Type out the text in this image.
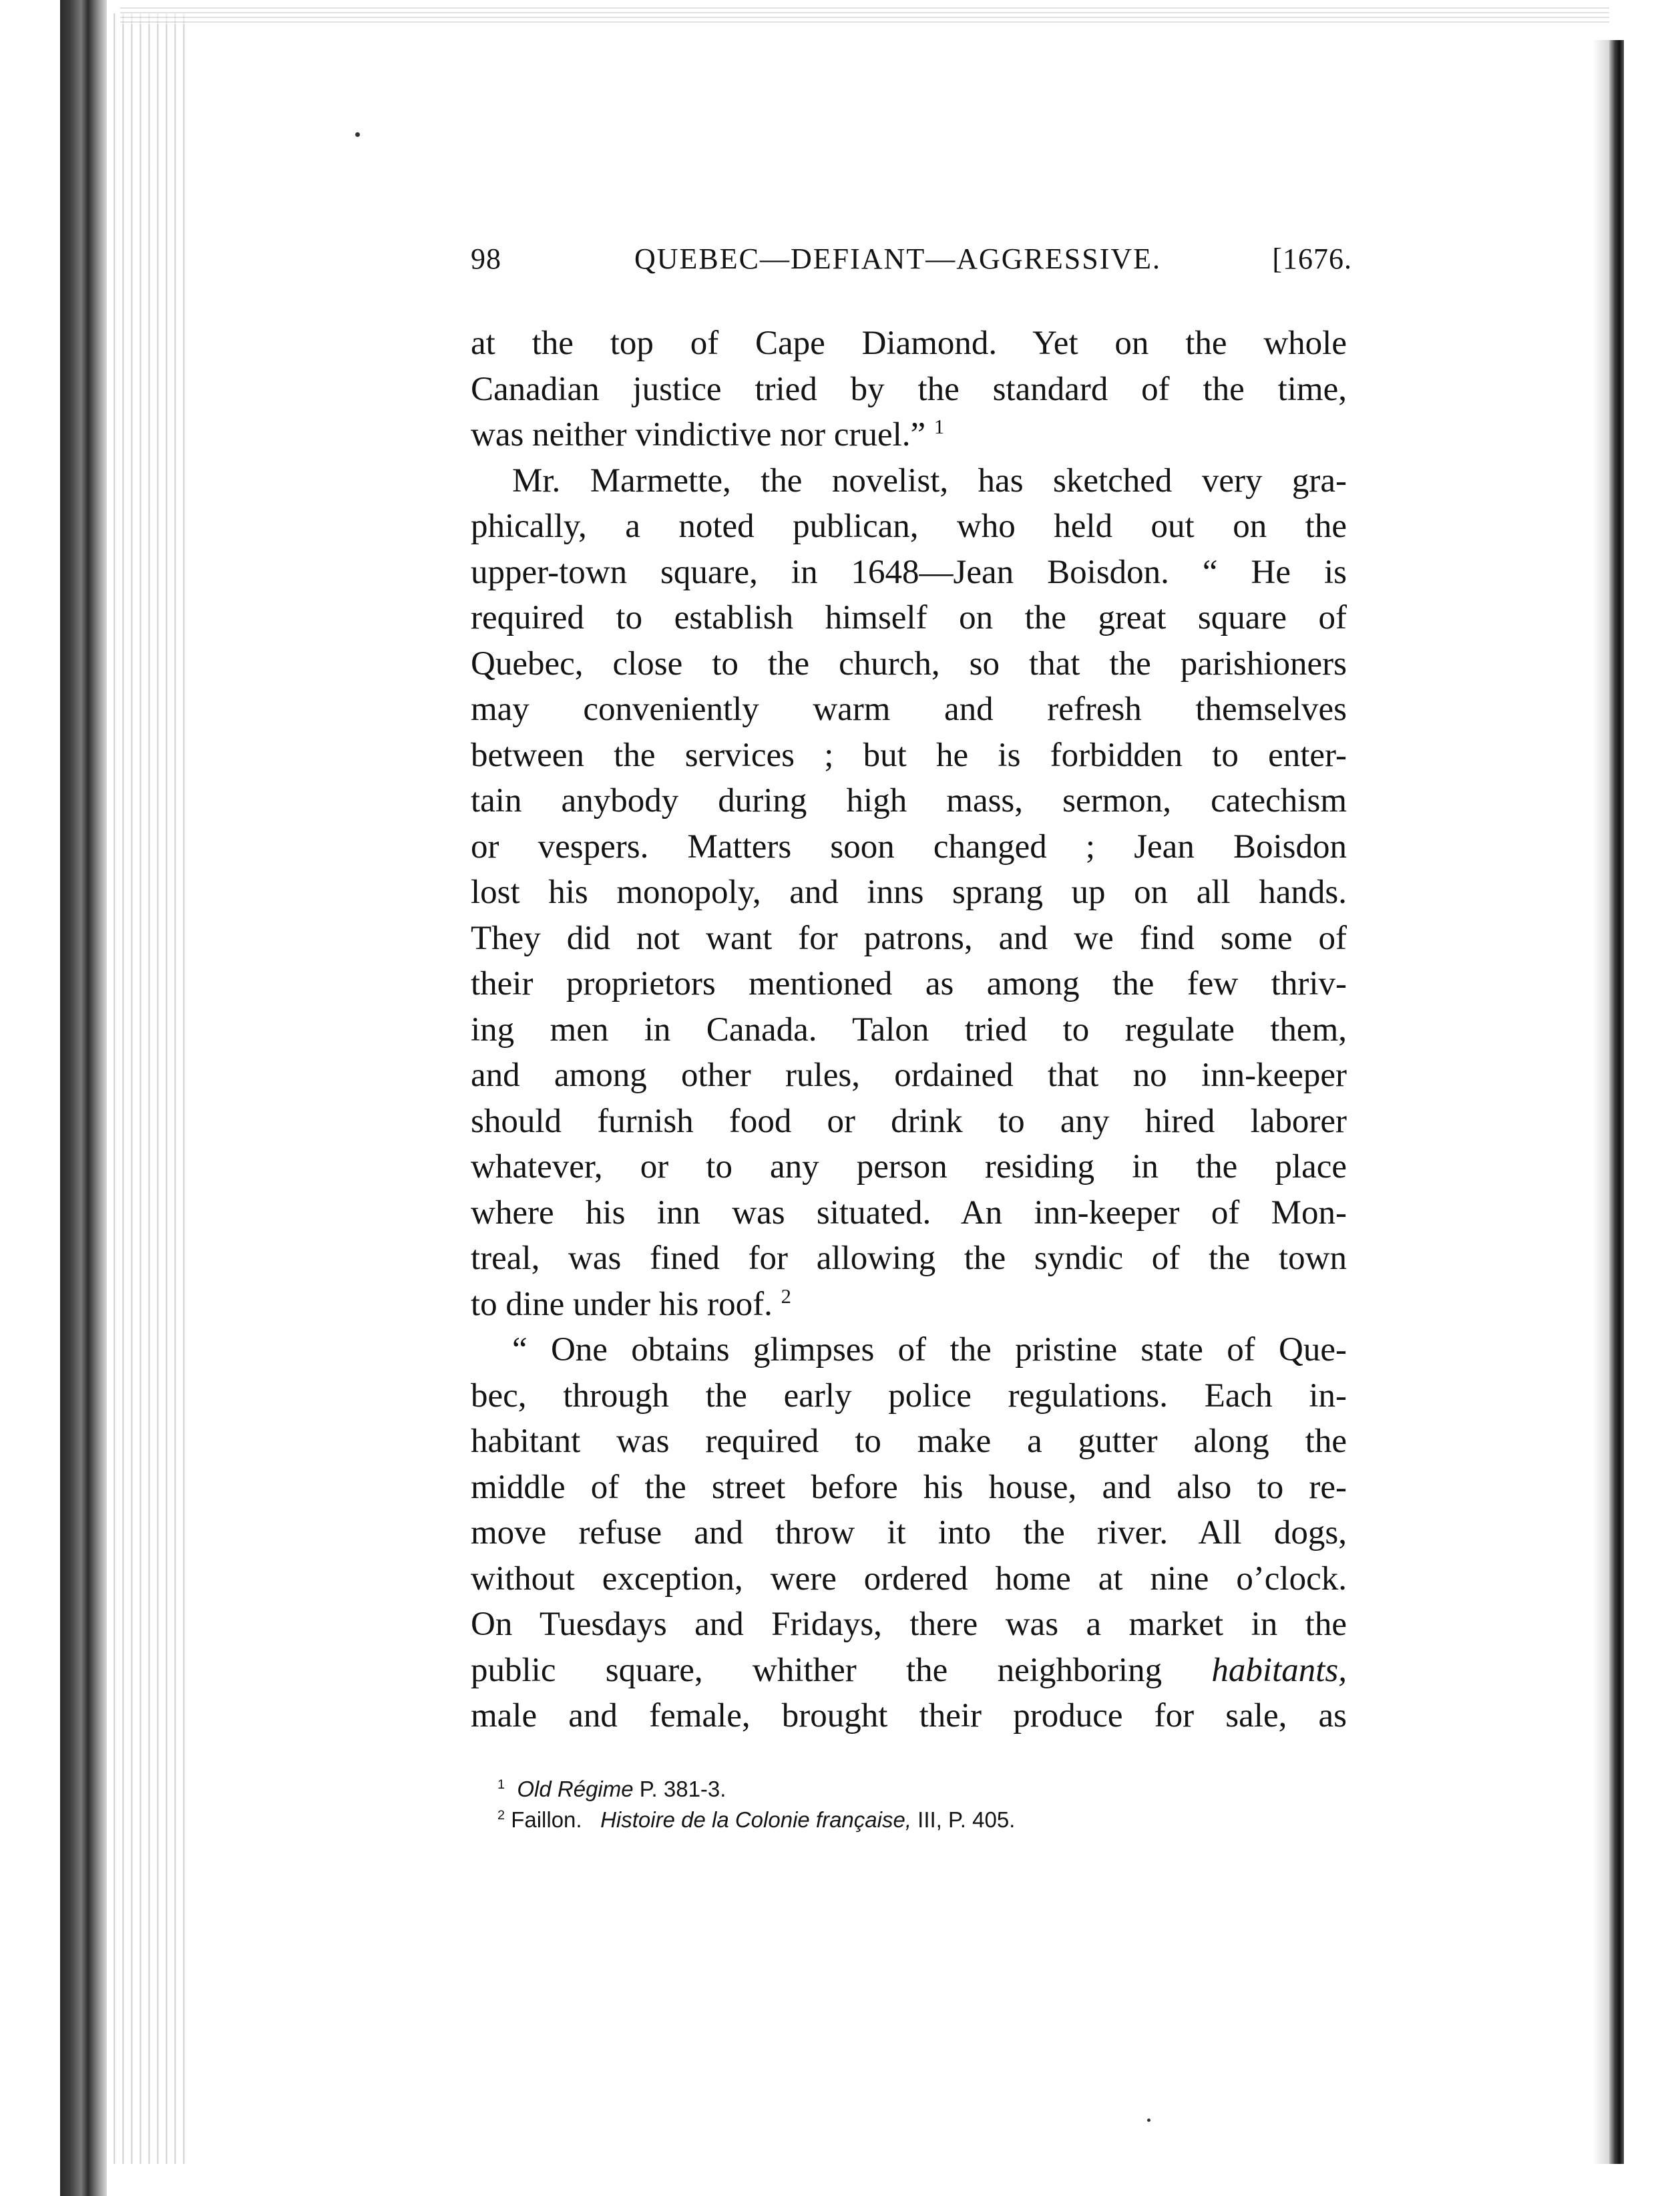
98	QUEBEC—DEFIANT—AGGRESSIVE.	[1676.
at the top of Cape Diamond. Yet on the whole
Canadian justice tried by the standard of the time,
was neither vindictive nor cruel.” $^1$
Mr. Marmette, the novelist, has sketched very gra-
phically, a noted publican, who held out on the
upper-town square, in 1648—Jean Boisdon. “ He is
required to establish himself on the great square of
Quebec, close to the church, so that the parishioners
may conveniently warm and refresh themselves
between the services ; but he is forbidden to enter-
tain anybody during high mass, sermon, catechism
or vespers. Matters soon changed ; Jean Boisdon
lost his monopoly, and inns sprang up on all hands.
They did not want for patrons, and we find some of
their proprietors mentioned as among the few thriv-
ing men in Canada. Talon tried to regulate them,
and among other rules, ordained that no inn-keeper
should furnish food or drink to any hired laborer
whatever, or to any person residing in the place
where his inn was situated. An inn-keeper of Mon-
treal, was fined for allowing the syndic of the town
to dine under his roof. $^2$
“ One obtains glimpses of the pristine state of Que-
bec, through the early police regulations. Each in-
habitant was required to make a gutter along the
middle of the street before his house, and also to re-
move refuse and throw it into the river. All dogs,
without exception, were ordered home at nine o’clock.
On Tuesdays and Fridays, there was a market in the
public square, whither the neighboring habitants,
male and female, brought their produce for sale, as
$^1$ Old Régime P. 381-3.
$^2$ Faillon. Histoire de la Colonie française, III, P. 405.
